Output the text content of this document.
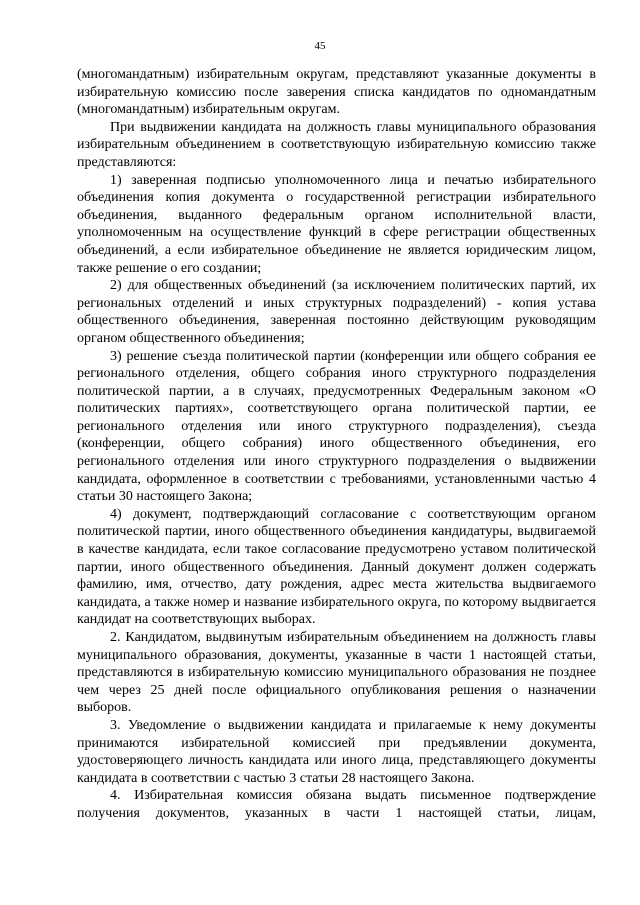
45

(многомандатным) избирательным округам, представляют указанные документы в избирательную комиссию после заверения списка кандидатов по одномандатным (многомандатным) избирательным округам.

При выдвижении кандидата на должность главы муниципального образования избирательным объединением в соответствующую избирательную комиссию также представляются:

1) заверенная подписью уполномоченного лица и печатью избирательного объединения копия документа о государственной регистрации избирательного объединения, выданного федеральным органом исполнительной власти, уполномоченным на осуществление функций в сфере регистрации общественных объединений, а если избирательное объединение не является юридическим лицом, также решение о его создании;

2) для общественных объединений (за исключением политических партий, их региональных отделений и иных структурных подразделений) - копия устава общественного объединения, заверенная постоянно действующим руководящим органом общественного объединения;

3) решение съезда политической партии (конференции или общего собрания ее регионального отделения, общего собрания иного структурного подразделения политической партии, а в случаях, предусмотренных Федеральным законом «О политических партиях», соответствующего органа политической партии, ее регионального отделения или иного структурного подразделения), съезда (конференции, общего собрания) иного общественного объединения, его регионального отделения или иного структурного подразделения о выдвижении кандидата, оформленное в соответствии с требованиями, установленными частью 4 статьи 30 настоящего Закона;

4) документ, подтверждающий согласование с соответствующим органом политической партии, иного общественного объединения кандидатуры, выдвигаемой в качестве кандидата, если такое согласование предусмотрено уставом политической партии, иного общественного объединения. Данный документ должен содержать фамилию, имя, отчество, дату рождения, адрес места жительства выдвигаемого кандидата, а также номер и название избирательного округа, по которому выдвигается кандидат на соответствующих выборах.

2. Кандидатом, выдвинутым избирательным объединением на должность главы муниципального образования, документы, указанные в части 1 настоящей статьи, представляются в избирательную комиссию муниципального образования не позднее чем через 25 дней после официального опубликования решения о назначении выборов.

3. Уведомление о выдвижении кандидата и прилагаемые к нему документы принимаются избирательной комиссией при предъявлении документа, удостоверяющего личность кандидата или иного лица, представляющего документы кандидата в соответствии с частью 3 статьи 28 настоящего Закона.

4. Избирательная комиссия обязана выдать письменное подтверждение получения документов, указанных в части 1 настоящей статьи, лицам,
